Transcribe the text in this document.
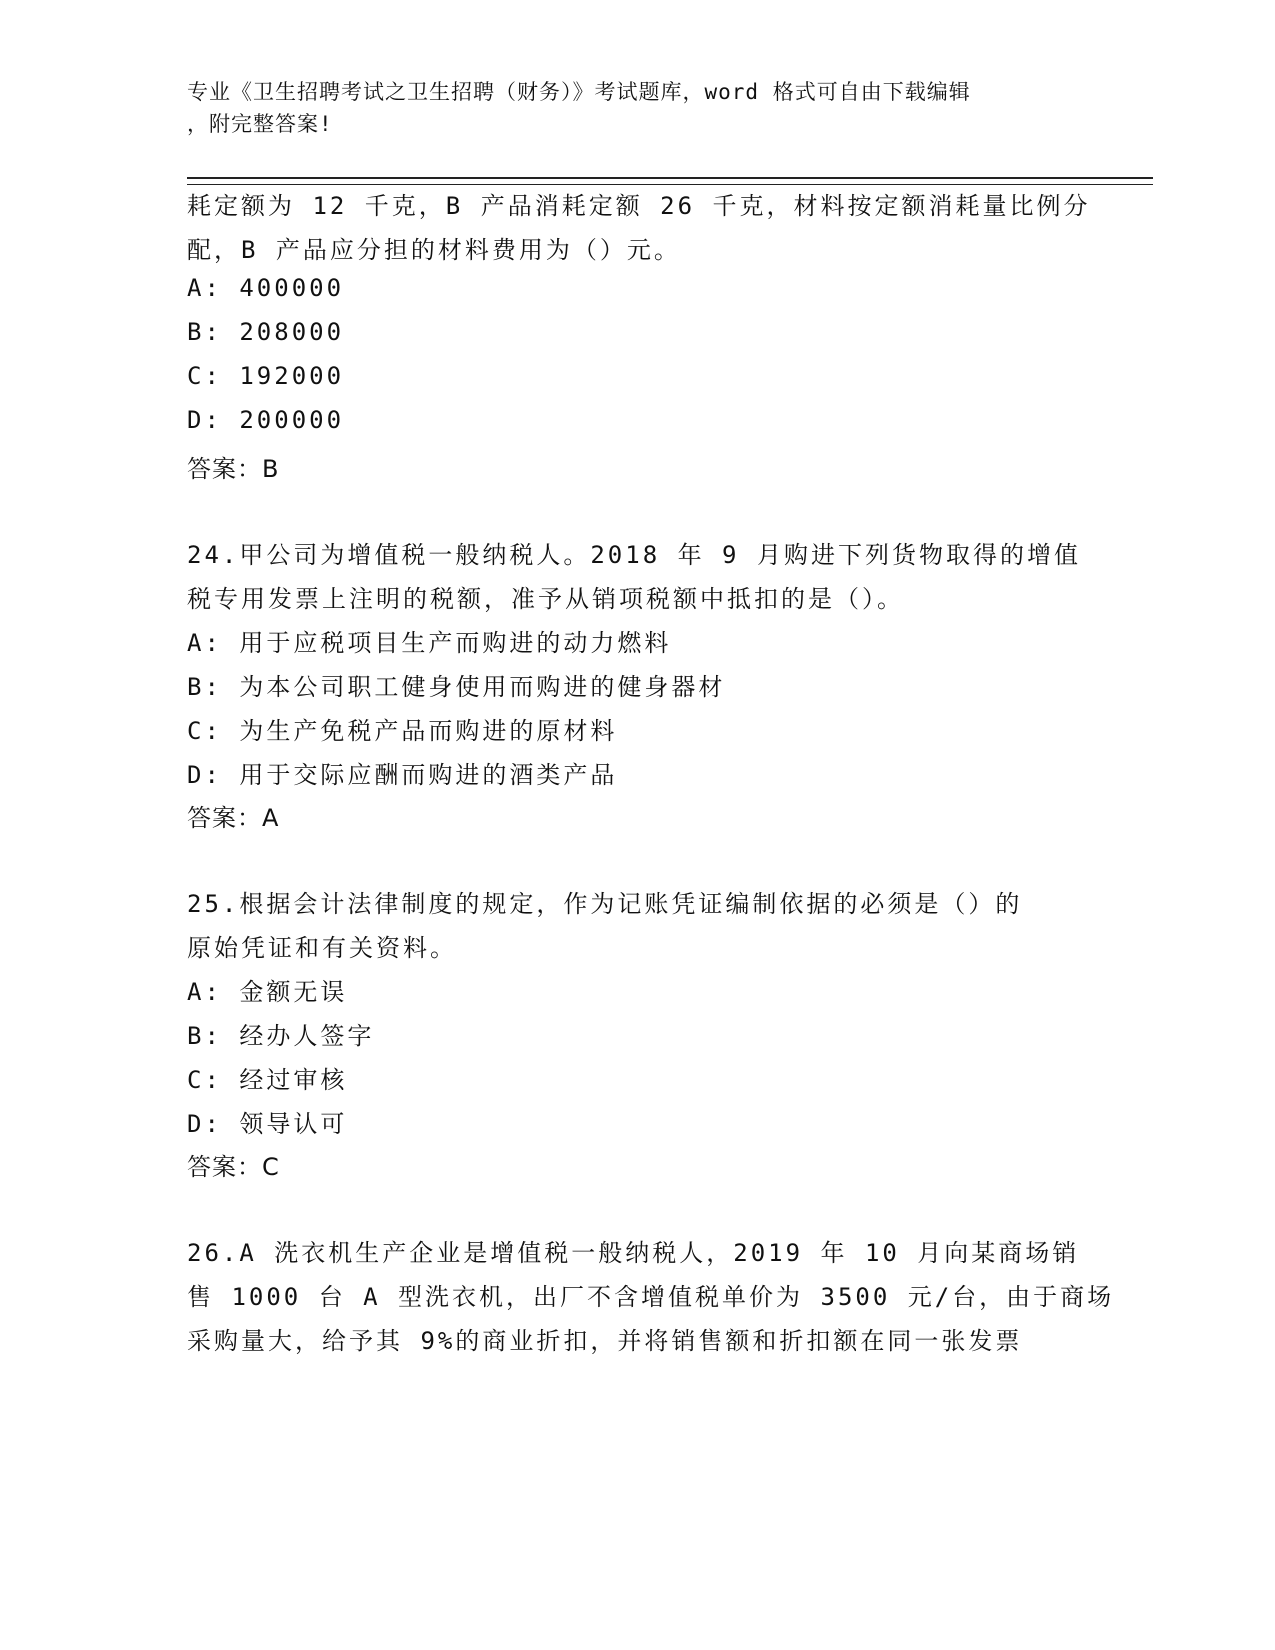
专业《卫生招聘考试之卫生招聘（财务）》考试题库，word 格式可自由下载编辑
，附完整答案!
耗定额为 12 千克，B 产品消耗定额 26 千克，材料按定额消耗量比例分
配，B 产品应分担的材料费用为（）元。
A: 400000
B: 208000
C: 192000
D: 200000
答案：B
24.甲公司为增值税一般纳税人。2018 年 9 月购进下列货物取得的增值
税专用发票上注明的税额，准予从销项税额中抵扣的是（）。
A: 用于应税项目生产而购进的动力燃料
B: 为本公司职工健身使用而购进的健身器材
C: 为生产免税产品而购进的原材料
D: 用于交际应酬而购进的酒类产品
答案：A
25.根据会计法律制度的规定，作为记账凭证编制依据的必须是（）的
原始凭证和有关资料。
A: 金额无误
B: 经办人签字
C: 经过审核
D: 领导认可
答案：C
26.A 洗衣机生产企业是增值税一般纳税人，2019 年 10 月向某商场销
售 1000 台 A 型洗衣机，出厂不含增值税单价为 3500 元/台，由于商场
采购量大，给予其 9%的商业折扣，并将销售额和折扣额在同一张发票
